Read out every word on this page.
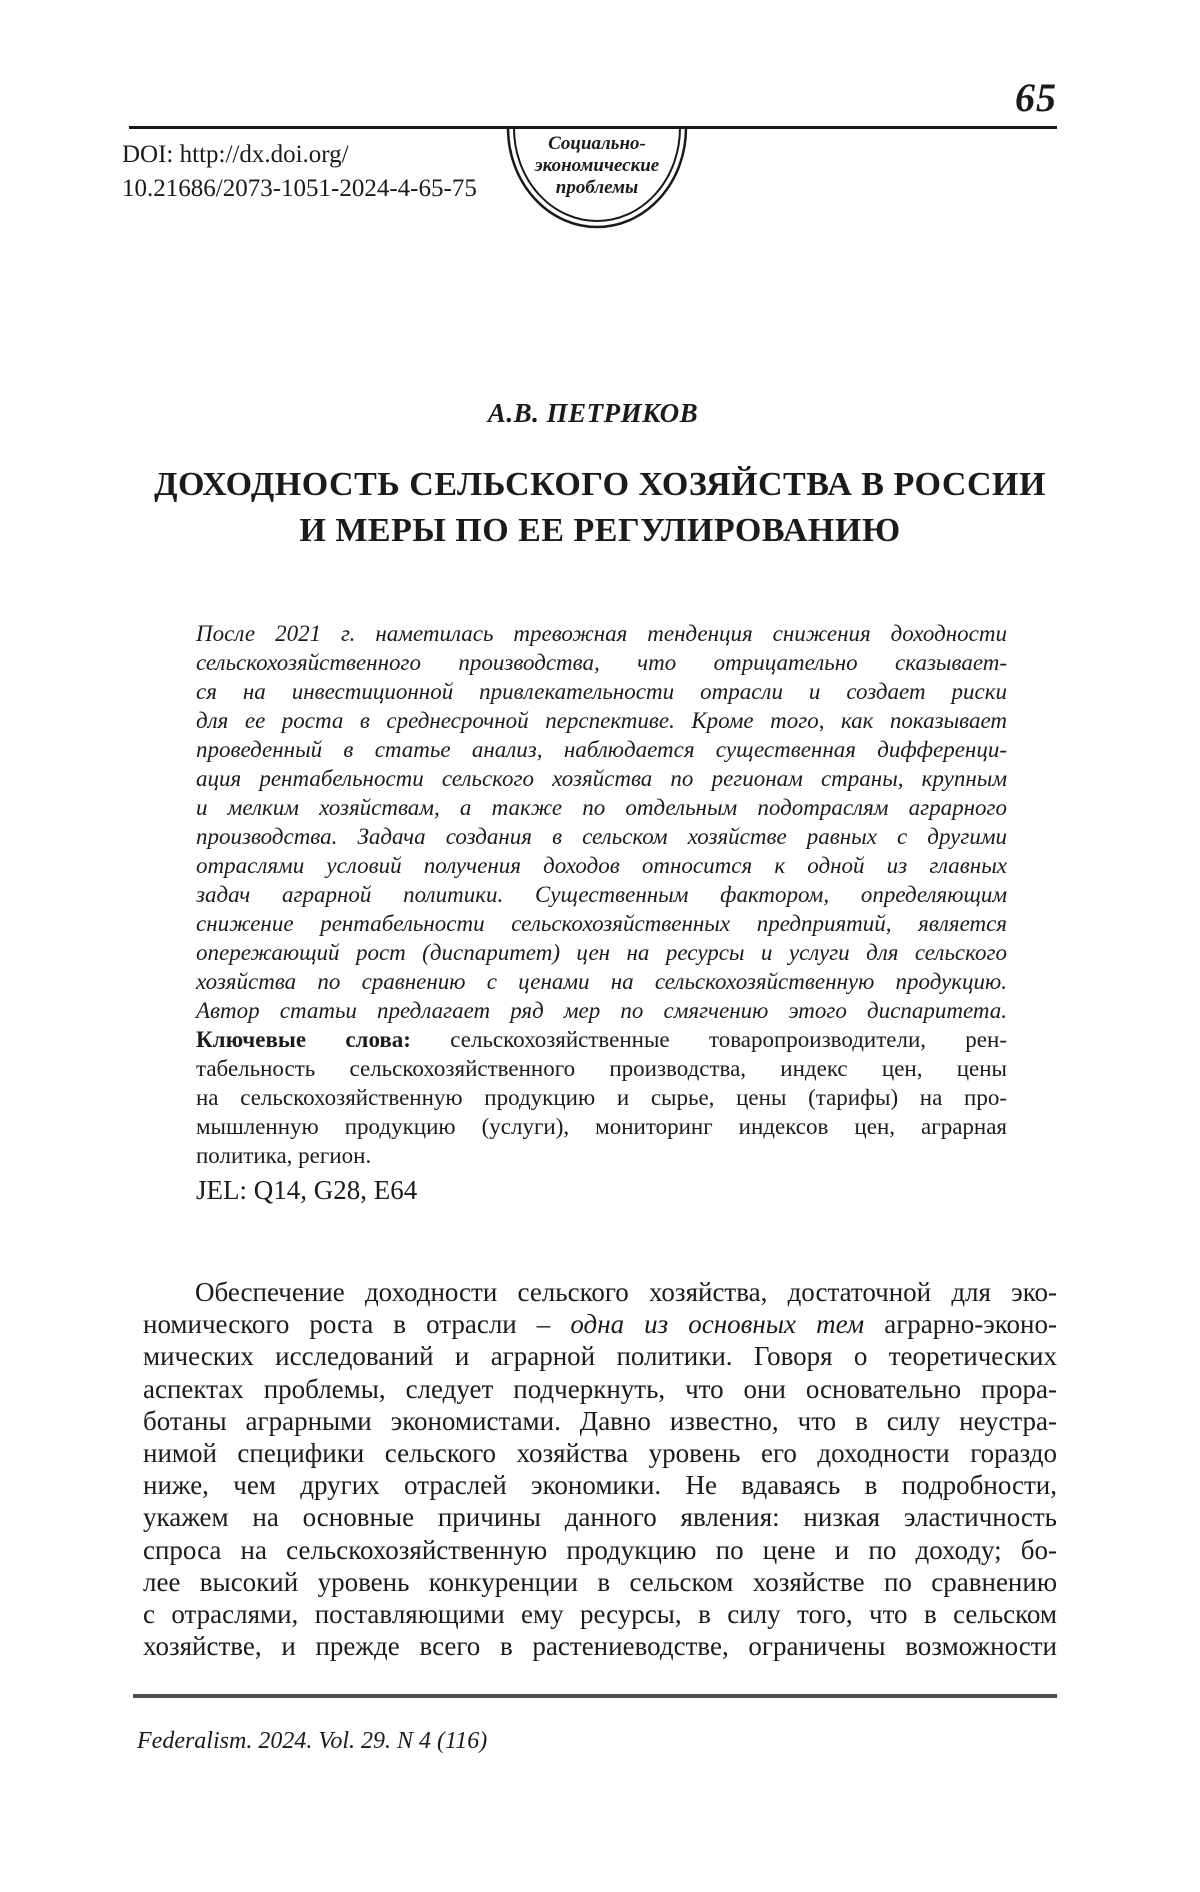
65
DOI: http://dx.doi.org/
10.21686/2073-1051-2024-4-65-75
Социально-
экономические
проблемы
А.В. ПЕТРИКОВ
ДОХОДНОСТЬ СЕЛЬСКОГО ХОЗЯЙСТВА В РОССИИ
И МЕРЫ ПО ЕЕ РЕГУЛИРОВАНИЮ
После 2021 г. наметилась тревожная тенденция снижения доходности
сельскохозяйственного производства, что отрицательно сказывает-
ся на инвестиционной привлекательности отрасли и создает риски
для ее роста в среднесрочной перспективе. Кроме того, как показывает
проведенный в статье анализ, наблюдается существенная дифференци-
ация рентабельности сельского хозяйства по регионам страны, крупным
и мелким хозяйствам, а также по отдельным подотраслям аграрного
производства. Задача создания в сельском хозяйстве равных с другими
отраслями условий получения доходов относится к одной из главных
задач аграрной политики. Существенным фактором, определяющим
снижение рентабельности сельскохозяйственных предприятий, является
опережающий рост (диспаритет) цен на ресурсы и услуги для сельского
хозяйства по сравнению с ценами на сельскохозяйственную продукцию.
Автор статьи предлагает ряд мер по смягчению этого диспаритета.
Ключевые слова: сельскохозяйственные товаропроизводители, рен-
табельность сельскохозяйственного производства, индекс цен, цены
на сельскохозяйственную продукцию и сырье, цены (тарифы) на про-
мышленную продукцию (услуги), мониторинг индексов цен, аграрная
политика, регион.
JEL: Q14, G28, E64
Обеспечение доходности сельского хозяйства, достаточной для эко-
номического роста в отрасли – одна из основных тем аграрно-эконо-
мических исследований и аграрной политики. Говоря о теоретических
аспектах проблемы, следует подчеркнуть, что они основательно прора-
ботаны аграрными экономистами. Давно известно, что в силу неустра-
нимой специфики сельского хозяйства уровень его доходности гораздо
ниже, чем других отраслей экономики. Не вдаваясь в подробности,
укажем на основные причины данного явления: низкая эластичность
спроса на сельскохозяйственную продукцию по цене и по доходу; бо-
лее высокий уровень конкуренции в сельском хозяйстве по сравнению
с отраслями, поставляющими ему ресурсы, в силу того, что в сельском
хозяйстве, и прежде всего в растениеводстве, ограничены возможности
Federalism. 2024. Vol. 29. N 4 (116)
